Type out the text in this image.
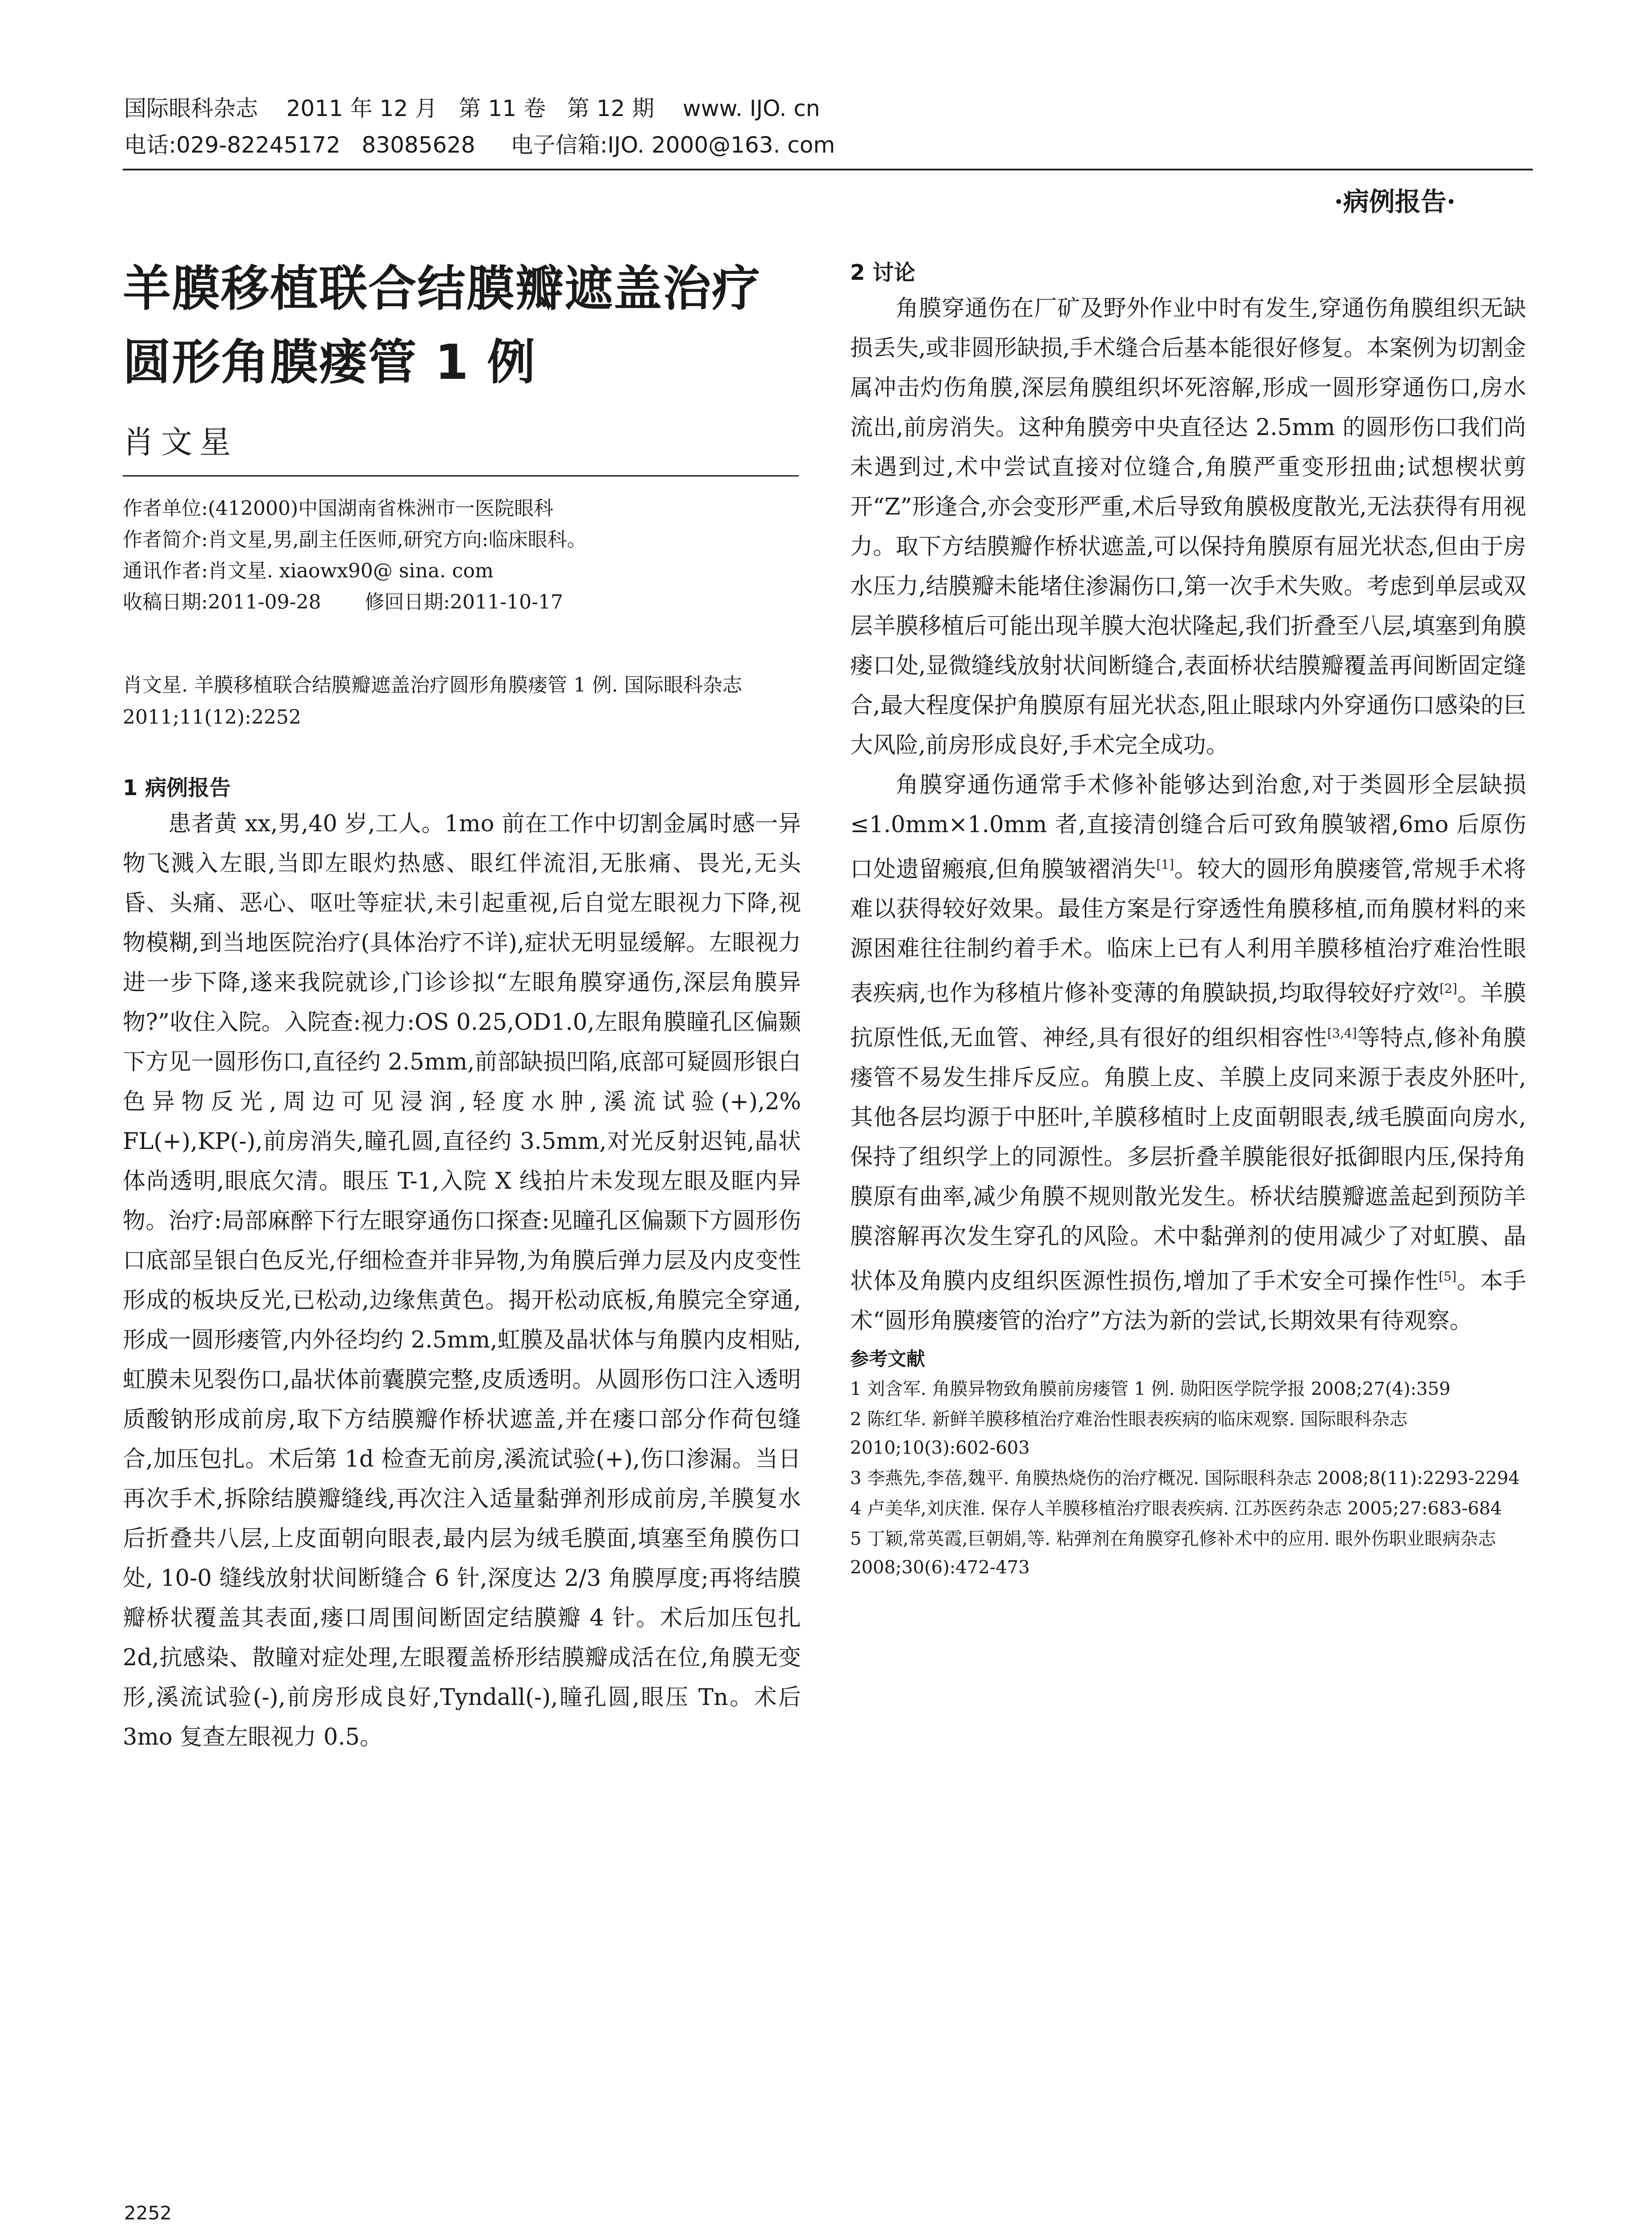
国际眼科杂志    2011 年 12 月   第 11 卷   第 12 期    www. IJO. cn
电话:029-82245172   83085628     电子信箱:IJO. 2000@163. com
·病例报告·
羊膜移植联合结膜瓣遮盖治疗
圆形角膜瘘管 1 例
肖文星
作者单位:(412000)中国湖南省株洲市一医院眼科
作者简介:肖文星,男,副主任医师,研究方向:临床眼科。
通讯作者:肖文星. xiaowx90@ sina. com
收稿日期:2011-09-28       修回日期:2011-10-17
肖文星. 羊膜移植联合结膜瓣遮盖治疗圆形角膜瘘管 1 例. 国际眼科杂志 2011;11(12):2252
1 病例报告

患者黄 xx,男,40 岁,工人。1mo 前在工作中切割金属时感一异物飞溅入左眼,当即左眼灼热感、眼红伴流泪,无胀痛、畏光,无头昏、头痛、恶心、呕吐等症状,未引起重视,后自觉左眼视力下降,视物模糊,到当地医院治疗(具体治疗不详),症状无明显缓解。左眼视力进一步下降,遂来我院就诊,门诊诊拟“左眼角膜穿通伤,深层角膜异物?”收住入院。入院查:视力:OS 0.25,OD1.0,左眼角膜瞳孔区偏颞下方见一圆形伤口,直径约 2.5mm,前部缺损凹陷,底部可疑圆形银白色异物反光,周边可见浸润,轻度水肿,溪流试验(+),2% FL(+),KP(-),前房消失,瞳孔圆,直径约 3.5mm,对光反射迟钝,晶状体尚透明,眼底欠清。眼压 T-1,入院 X 线拍片未发现左眼及眶内异物。治疗:局部麻醉下行左眼穿通伤口探查:见瞳孔区偏颞下方圆形伤口底部呈银白色反光,仔细检查并非异物,为角膜后弹力层及内皮变性形成的板块反光,已松动,边缘焦黄色。揭开松动底板,角膜完全穿通,形成一圆形瘘管,内外径均约 2.5mm,虹膜及晶状体与角膜内皮相贴,虹膜未见裂伤口,晶状体前囊膜完整,皮质透明。从圆形伤口注入透明质酸钠形成前房,取下方结膜瓣作桥状遮盖,并在瘘口部分作荷包缝合,加压包扎。术后第 1d 检查无前房,溪流试验(+),伤口渗漏。当日再次手术,拆除结膜瓣缝线,再次注入适量黏弹剂形成前房,羊膜复水后折叠共八层,上皮面朝向眼表,最内层为绒毛膜面,填塞至角膜伤口处, 10-0 缝线放射状间断缝合 6 针,深度达 2/3 角膜厚度;再将结膜瓣桥状覆盖其表面,瘘口周围间断固定结膜瓣 4 针。术后加压包扎 2d,抗感染、散瞳对症处理,左眼覆盖桥形结膜瓣成活在位,角膜无变形,溪流试验(-),前房形成良好,Tyndall(-),瞳孔圆,眼压 Tn。术后 3mo 复查左眼视力 0.5。

2 讨论

角膜穿通伤在厂矿及野外作业中时有发生,穿通伤角膜组织无缺损丢失,或非圆形缺损,手术缝合后基本能很好修复。本案例为切割金属冲击灼伤角膜,深层角膜组织坏死溶解,形成一圆形穿通伤口,房水流出,前房消失。这种角膜旁中央直径达 2.5mm 的圆形伤口我们尚未遇到过,术中尝试直接对位缝合,角膜严重变形扭曲;试想楔状剪开“Z”形逢合,亦会变形严重,术后导致角膜极度散光,无法获得有用视力。取下方结膜瓣作桥状遮盖,可以保持角膜原有屈光状态,但由于房水压力,结膜瓣未能堵住渗漏伤口,第一次手术失败。考虑到单层或双层羊膜移植后可能出现羊膜大泡状隆起,我们折叠至八层,填塞到角膜瘘口处,显微缝线放射状间断缝合,表面桥状结膜瓣覆盖再间断固定缝合,最大程度保护角膜原有屈光状态,阻止眼球内外穿通伤口感染的巨大风险,前房形成良好,手术完全成功。

角膜穿通伤通常手术修补能够达到治愈,对于类圆形全层缺损≤1.0mm×1.0mm 者,直接清创缝合后可致角膜皱褶,6mo 后原伤口处遗留瘢痕,但角膜皱褶消失[1]。较大的圆形角膜瘘管,常规手术将难以获得较好效果。最佳方案是行穿透性角膜移植,而角膜材料的来源困难往往制约着手术。临床上已有人利用羊膜移植治疗难治性眼表疾病,也作为移植片修补变薄的角膜缺损,均取得较好疗效[2]。羊膜抗原性低,无血管、神经,具有很好的组织相容性[3,4]等特点,修补角膜瘘管不易发生排斥反应。角膜上皮、羊膜上皮同来源于表皮外胚叶,其他各层均源于中胚叶,羊膜移植时上皮面朝眼表,绒毛膜面向房水,保持了组织学上的同源性。多层折叠羊膜能很好抵御眼内压,保持角膜原有曲率,减少角膜不规则散光发生。桥状结膜瓣遮盖起到预防羊膜溶解再次发生穿孔的风险。术中黏弹剂的使用减少了对虹膜、晶状体及角膜内皮组织医源性损伤,增加了手术安全可操作性[5]。本手术“圆形角膜瘘管的治疗”方法为新的尝试,长期效果有待观察。

参考文献

1 刘含军. 角膜异物致角膜前房瘘管 1 例. 勋阳医学院学报 2008;27(4):359

2 陈红华. 新鲜羊膜移植治疗难治性眼表疾病的临床观察. 国际眼科杂志 2010;10(3):602-603

3 李燕先,李蓓,魏平. 角膜热烧伤的治疗概况. 国际眼科杂志 2008;8(11):2293-2294

4 卢美华,刘庆淮. 保存人羊膜移植治疗眼表疾病. 江苏医药杂志 2005;27:683-684

5 丁颖,常英霞,巨朝娟,等. 粘弹剂在角膜穿孔修补术中的应用. 眼外伤职业眼病杂志 2008;30(6):472-473

2252
